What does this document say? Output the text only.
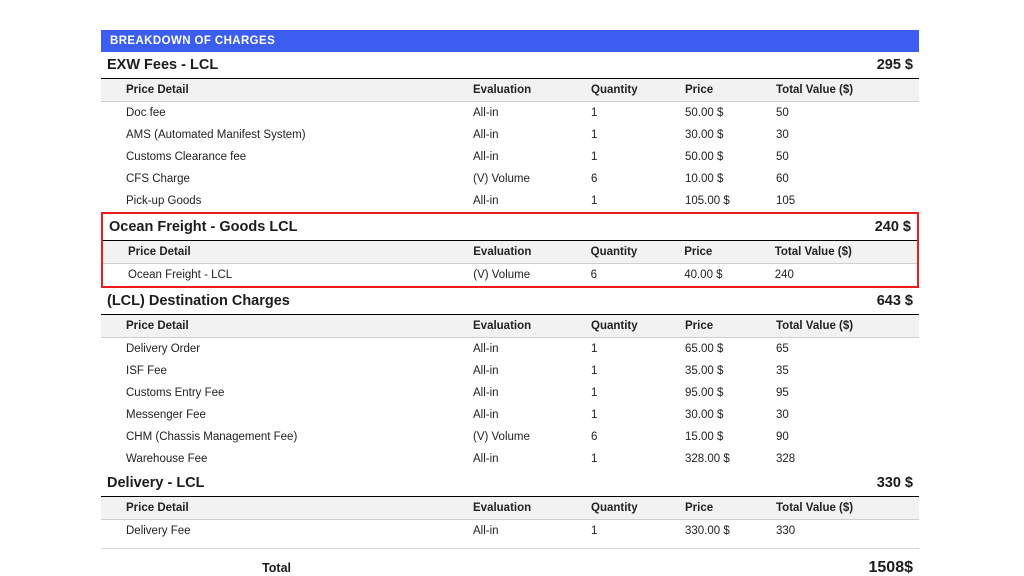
BREAKDOWN OF CHARGES
EXW Fees - LCL	295 $
Price Detail	Evaluation	Quantity	Price	Total Value ($)
Doc fee	All-in	1	50.00 $	50
AMS (Automated Manifest System)	All-in	1	30.00 $	30
Customs Clearance fee	All-in	1	50.00 $	50
CFS Charge	(V) Volume	6	10.00 $	60
Pick-up Goods	All-in	1	105.00 $	105
Ocean Freight - Goods LCL	240 $
Price Detail	Evaluation	Quantity	Price	Total Value ($)
Ocean Freight - LCL	(V) Volume	6	40.00 $	240
(LCL) Destination Charges	643 $
Price Detail	Evaluation	Quantity	Price	Total Value ($)
Delivery Order	All-in	1	65.00 $	65
ISF Fee	All-in	1	35.00 $	35
Customs Entry Fee	All-in	1	95.00 $	95
Messenger Fee	All-in	1	30.00 $	30
CHM (Chassis Management Fee)	(V) Volume	6	15.00 $	90
Warehouse Fee	All-in	1	328.00 $	328
Delivery - LCL	330 $
Price Detail	Evaluation	Quantity	Price	Total Value ($)
Delivery Fee	All-in	1	330.00 $	330
Total	1508$
